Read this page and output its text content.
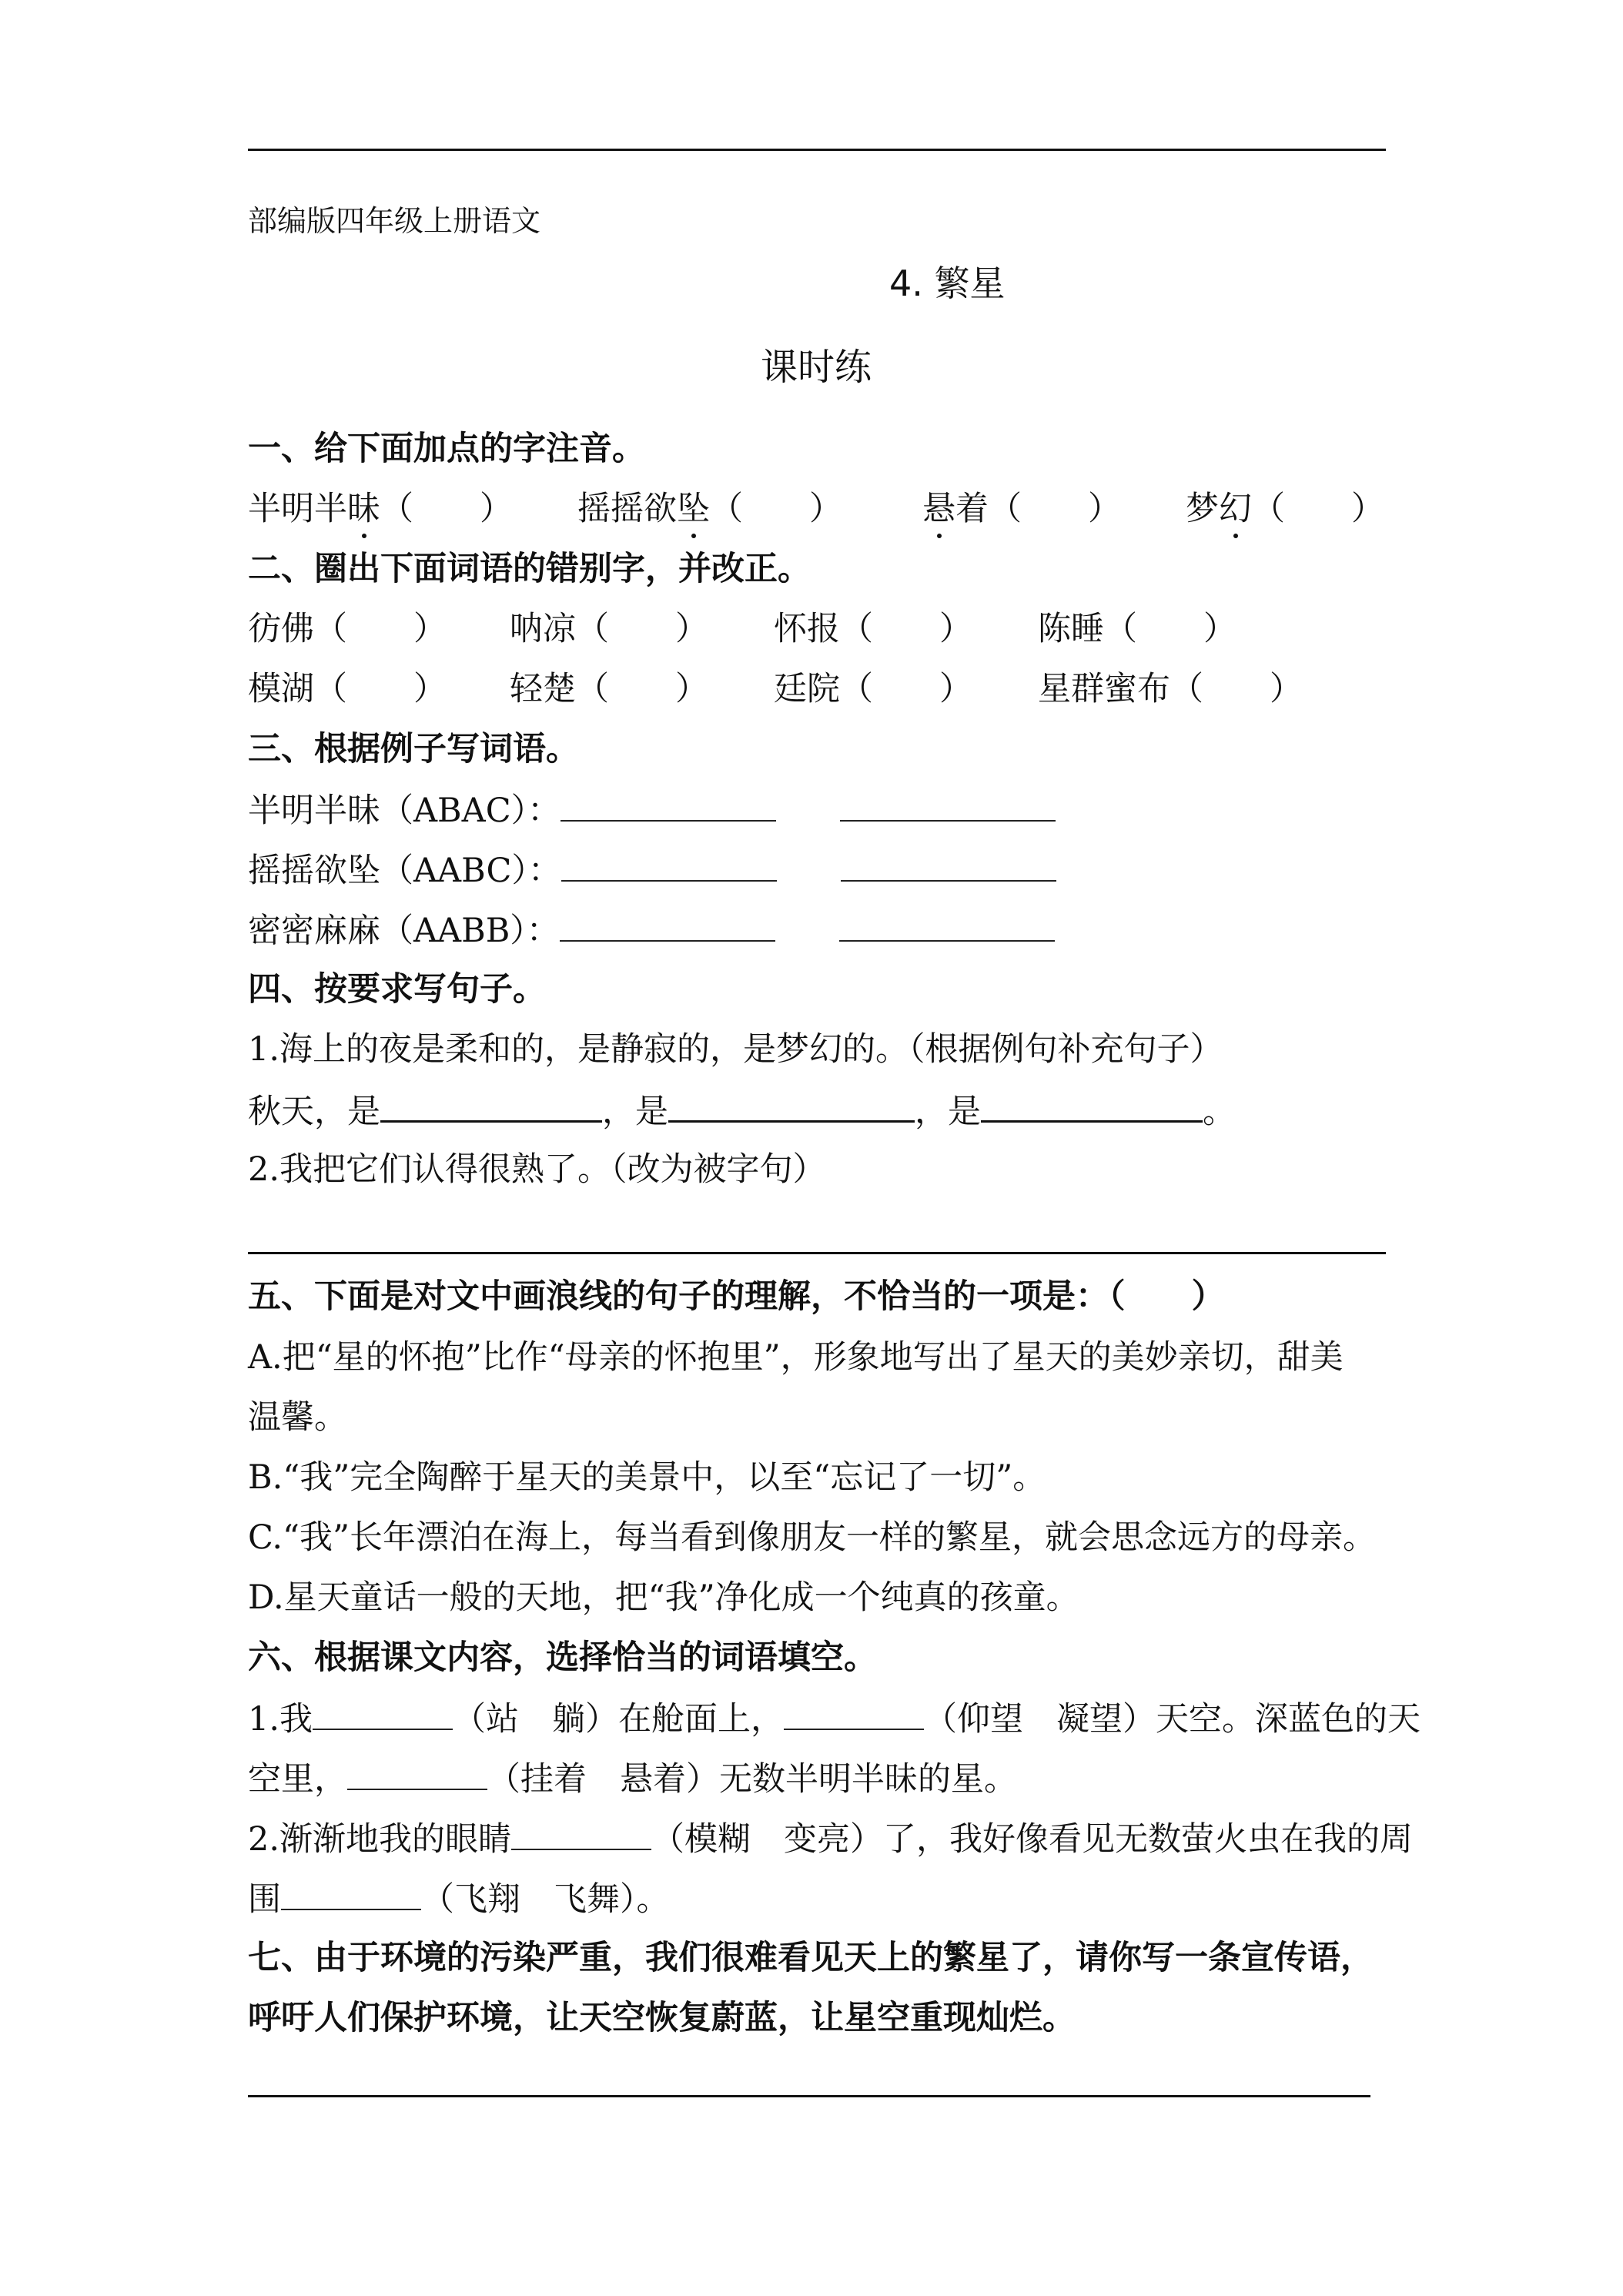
部编版四年级上册语文
4. 繁星
课时练
一、给下面加点的字注音。
半明半昧（　　） 摇摇欲坠（　　） 悬着（　　） 梦幻（　　）
二、圈出下面词语的错别字，并改正。
彷佛（　　） 呐凉（　　） 怀报（　　） 陈睡（　　）
模湖（　　） 轻楚（　　） 廷院（　　） 星群蜜布（　　）
三、根据例子写词语。
半明半昧（ABAC）：
摇摇欲坠（AABC）：
密密麻麻（AABB）：
四、按要求写句子。
1.海上的夜是柔和的，是静寂的，是梦幻的。（根据例句补充句子）
秋天，是	，是	，是	。
2.我把它们认得很熟了。（改为被字句）
五、下面是对文中画浪线的句子的理解，不恰当的一项是：（　　）
A.把“星的怀抱”比作“母亲的怀抱里”，形象地写出了星天的美妙亲切，甜美
温馨。
B.“我”完全陶醉于星天的美景中，以至“忘记了一切”。
C.“我”长年漂泊在海上，每当看到像朋友一样的繁星，就会思念远方的母亲。
D.星天童话一般的天地，把“我”净化成一个纯真的孩童。
六、根据课文内容，选择恰当的词语填空。
1.我	（站　躺）在舱面上，	（仰望　凝望）天空。深蓝色的天
空里，	（挂着　悬着）无数半明半昧的星。
2.渐渐地我的眼睛	（模糊　变亮）了，我好像看见无数萤火虫在我的周
围	（飞翔　飞舞）。
七、由于环境的污染严重，我们很难看见天上的繁星了，请你写一条宣传语，
呼吁人们保护环境，让天空恢复蔚蓝，让星空重现灿烂。
